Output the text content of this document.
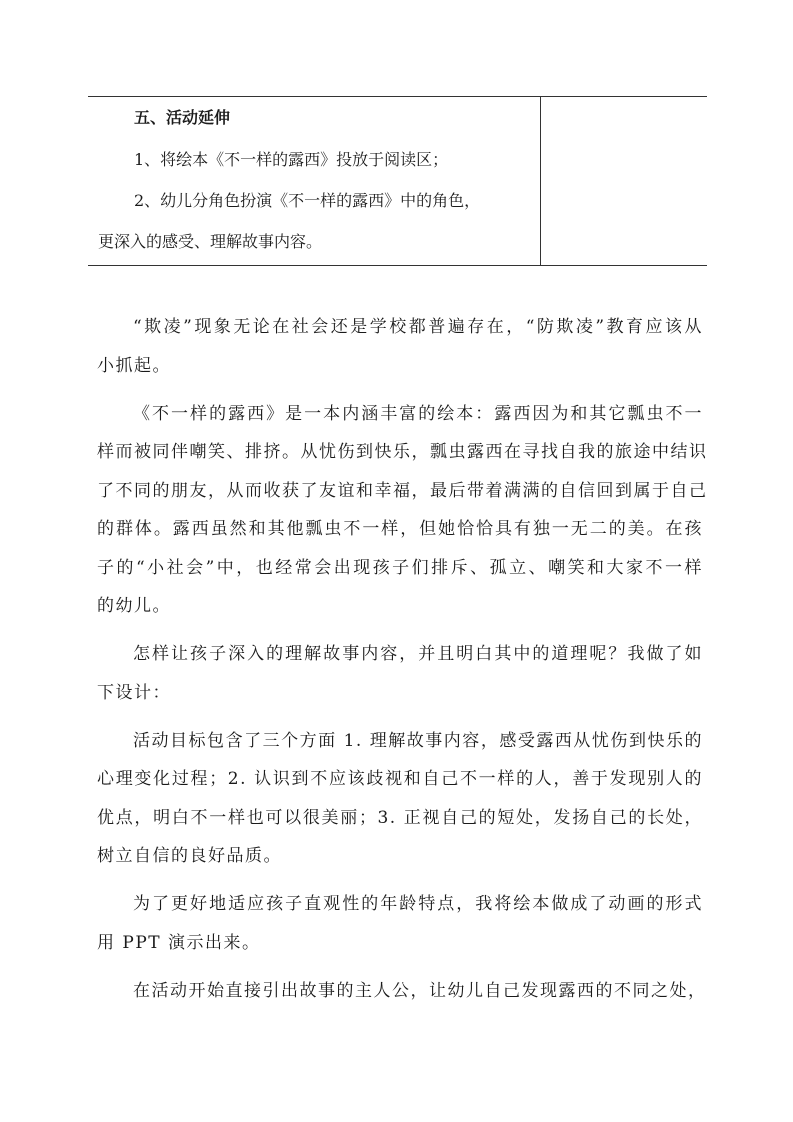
五、活动延伸
1、将绘本《不一样的露西》投放于阅读区；
2、幼儿分角色扮演《不一样的露西》中的角色，
更深入的感受、理解故事内容。
“欺凌”现象无论在社会还是学校都普遍存在，“防欺凌”教育应该从
小抓起。
《不一样的露西》是一本内涵丰富的绘本：露西因为和其它瓢虫不一
样而被同伴嘲笑、排挤。从忧伤到快乐，瓢虫露西在寻找自我的旅途中结识
了不同的朋友，从而收获了友谊和幸福，最后带着满满的自信回到属于自己
的群体。露西虽然和其他瓢虫不一样，但她恰恰具有独一无二的美。在孩
子的“小社会”中，也经常会出现孩子们排斥、孤立、嘲笑和大家不一样
的幼儿。
怎样让孩子深入的理解故事内容，并且明白其中的道理呢？我做了如
下设计：
活动目标包含了三个方面 1. 理解故事内容，感受露西从忧伤到快乐的
心理变化过程；2. 认识到不应该歧视和自己不一样的人，善于发现别人的
优点，明白不一样也可以很美丽；3. 正视自己的短处，发扬自己的长处，
树立自信的良好品质。
为了更好地适应孩子直观性的年龄特点，我将绘本做成了动画的形式
用 PPT 演示出来。
在活动开始直接引出故事的主人公，让幼儿自己发现露西的不同之处，
